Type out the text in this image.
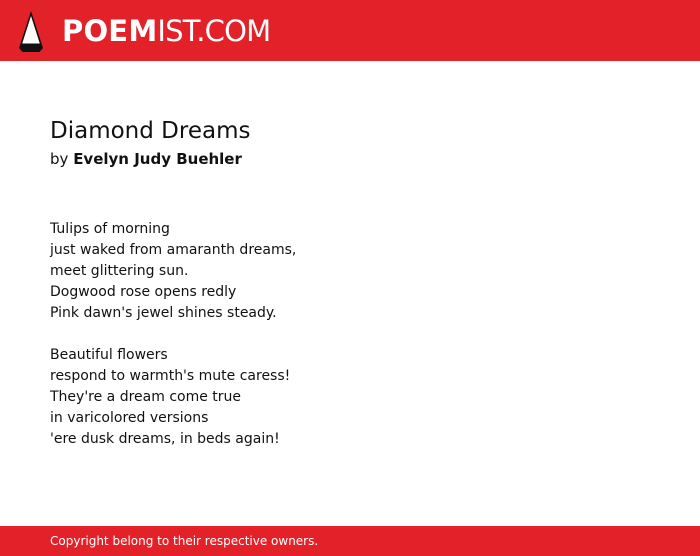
POEMIST.COM
Diamond Dreams
by Evelyn Judy Buehler
Tulips of morning
just waked from amaranth dreams,
meet glittering sun.
Dogwood rose opens redly
Pink dawn's jewel shines steady.
Beautiful flowers
respond to warmth's mute caress!
They're a dream come true
in varicolored versions
'ere dusk dreams, in beds again!
Copyright belong to their respective owners.
